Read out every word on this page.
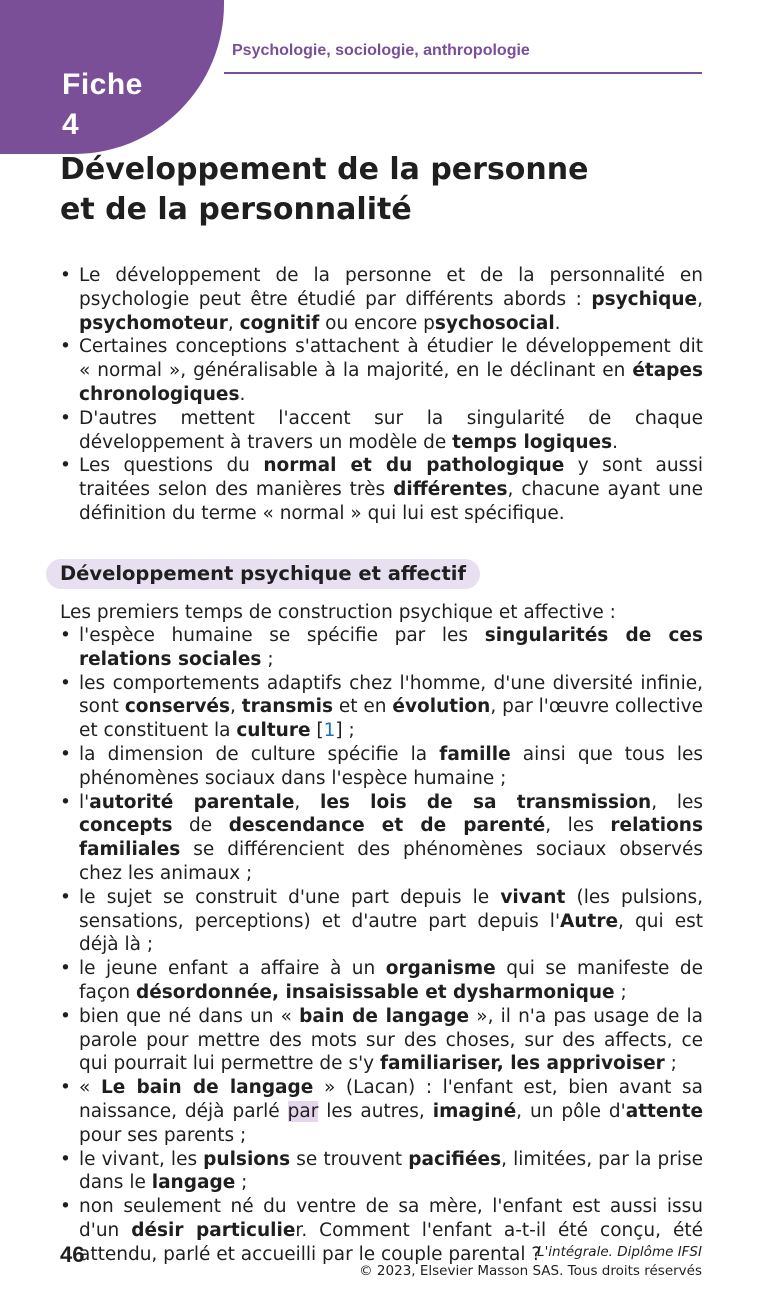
Fiche
4
Psychologie, sociologie, anthropologie
Développement de la personne
et de la personnalité
• Le développement de la personne et de la personnalité en psychologie peut être étudié par différents abords : psychique, psychomoteur, cognitif ou encore psychosocial.
• Certaines conceptions s'attachent à étudier le développement dit « normal », généralisable à la majorité, en le déclinant en étapes chronologiques.
• D'autres mettent l'accent sur la singularité de chaque développement à travers un modèle de temps logiques.
• Les questions du normal et du pathologique y sont aussi traitées selon des manières très différentes, chacune ayant une définition du terme « normal » qui lui est spécifique.
Développement psychique et affectif
Les premiers temps de construction psychique et affective :
• l'espèce humaine se spécifie par les singularités de ces relations sociales ;
• les comportements adaptifs chez l'homme, d'une diversité infinie, sont conservés, transmis et en évolution, par l'œuvre collective et constituent la culture [1] ;
• la dimension de culture spécifie la famille ainsi que tous les phénomènes sociaux dans l'espèce humaine ;
• l'autorité parentale, les lois de sa transmission, les concepts de descendance et de parenté, les relations familiales se différencient des phénomènes sociaux observés chez les animaux ;
• le sujet se construit d'une part depuis le vivant (les pulsions, sensations, perceptions) et d'autre part depuis l'Autre, qui est déjà là ;
• le jeune enfant a affaire à un organisme qui se manifeste de façon désordonnée, insaisissable et dysharmonique ;
• bien que né dans un « bain de langage », il n'a pas usage de la parole pour mettre des mots sur des choses, sur des affects, ce qui pourrait lui permettre de s'y familiariser, les apprivoiser ;
• « Le bain de langage » (Lacan) : l'enfant est, bien avant sa naissance, déjà parlé par les autres, imaginé, un pôle d'attente pour ses parents ;
• le vivant, les pulsions se trouvent pacifiées, limitées, par la prise dans le langage ;
• non seulement né du ventre de sa mère, l'enfant est aussi issu d'un désir particulier. Comment l'enfant a-t-il été conçu, été attendu, parlé et accueilli par le couple parental ?
46	L'intégrale. Diplôme IFSI
© 2023, Elsevier Masson SAS. Tous droits réservés
